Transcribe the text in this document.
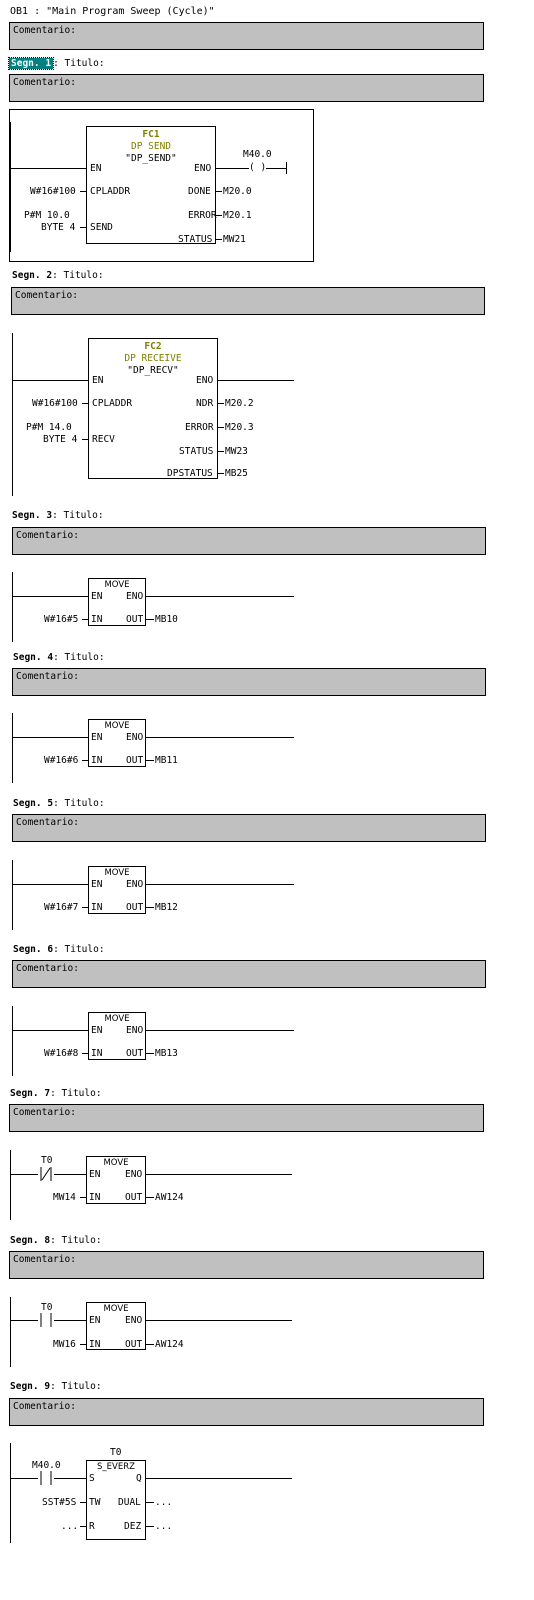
OB1 : "Main Program Sweep (Cycle)"
Comentario:
Segn. 1 : Titulo:
Comentario:
FC1
DP SEND
"DP_SEND"
EN	ENO
M40.0
( )
W#16#100 CPLADDR	DONE M20.0
P#M 10.0	ERROR M20.1
BYTE 4 SEND
STATUS MW21
Segn. 2: Titulo:
Comentario:
FC2
DP RECEIVE
"DP_RECV"
EN	ENO
W#16#100 CPLADDR	NDR M20.2
P#M 14.0	ERROR M20.3
BYTE 4 RECV
STATUS MW23
DPSTATUS MB25
Segn. 3: Titulo:
Comentario:
MOVE
EN ENO
W#16#5 IN OUT MB10
Segn. 4: Titulo:
Comentario:
MOVE
EN ENO
W#16#6 IN OUT MB11
Segn. 5: Titulo:
Comentario:
MOVE
EN ENO
W#16#7 IN OUT MB12
Segn. 6: Titulo:
Comentario:
MOVE
EN ENO
W#16#8 IN OUT MB13
Segn. 7: Titulo:
Comentario:
T0	MOVE
EN	ENO
MW14 IN	OUT AW124
Segn. 8: Titulo:
Comentario:
T0	MOVE
EN	ENO
MW16 IN	OUT AW124
Segn. 9: Titulo:
Comentario:
T0
S_EVERZ
M40.0
S	Q
SST#5S TW DUAL ...
... R	DEZ ...
